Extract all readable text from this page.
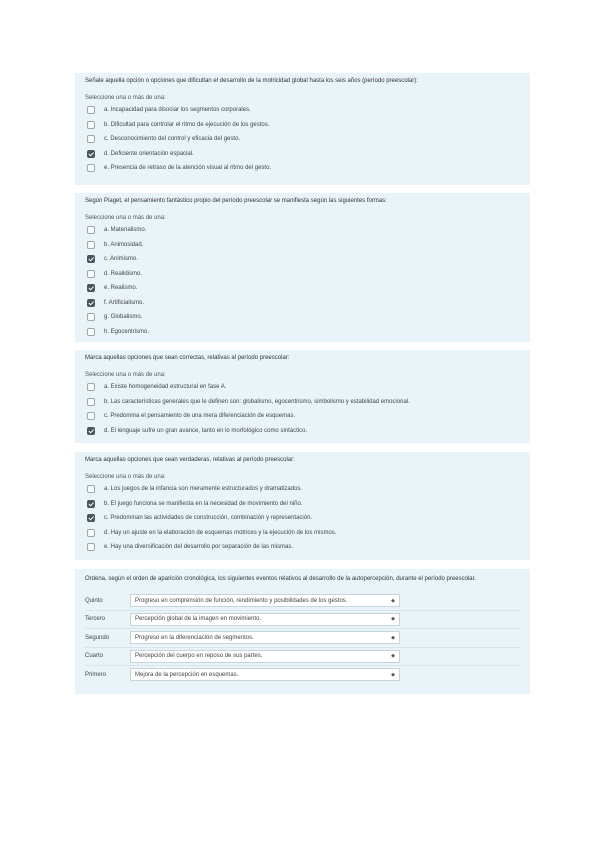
Señale aquella opción o opciones que dificultan el desarrollo de la motricidad global hasta los seis años (período preescolar):
Seleccione una o más de una:
a. Incapacidad para disociar los segmentos corporales.
b. Dificultad para controlar el ritmo de ejecución de los gestos.
c. Desconocimiento del control y eficacia del gesto.
d. Deficiente orientación espacial.
e. Presencia de retraso de la atención visual al ritmo del gesto.
Según Piaget, el pensamiento fantástico propio del período preescolar se manifiesta según las siguientes formas:
Seleccione una o más de una:
a. Materialismo.
b. Animosidad.
c. Animismo.
d. Realidismo.
e. Realismo.
f. Artificialismo.
g. Globalismo.
h. Egocentrismo.
Marca aquellas opciones que sean correctas, relativas al período preescolar:
Seleccione una o más de una:
a. Existe homogeneidad estructural en fase A.
b. Las características generales que le definen son: globalismo, egocentrismo, simbolismo y estabilidad emocional.
c. Predomina el pensamiento de una mera diferenciación de esquemas.
d. El lenguaje sufre un gran avance, tanto en lo morfológico como sintáctico.
Marca aquellas opciones que sean verdaderas, relativas al período preescolar:
Seleccione una o más de una:
a. Los juegos de la infancia son meramente estructurados y dramatizados.
b. El juego funciona se manifiesta en la necesidad de movimiento del niño.
c. Predominan las actividades de construcción, combinación y representación.
d. Hay un ajuste en la elaboración de esquemas motrices y la ejecución de los mismos.
e. Hay una diversificación del desarrollo por separación de las mismas.
Ordena, según el orden de aparición cronológica, los siguientes eventos relativos al desarrollo de la autopercepción, durante el período preescolar.
Quinto	Progreso en comprensión de función, rendimiento y posibilidades de los gestos.	◆
Tercero	Percepción global de la imagen en movimiento.	◆
Segundo	Progreso en la diferenciación de segmentos.	◆
Cuarto	Percepción del cuerpo en reposo de sus partes.	◆
Primero	Mejora de la percepción en esquemas.	◆
